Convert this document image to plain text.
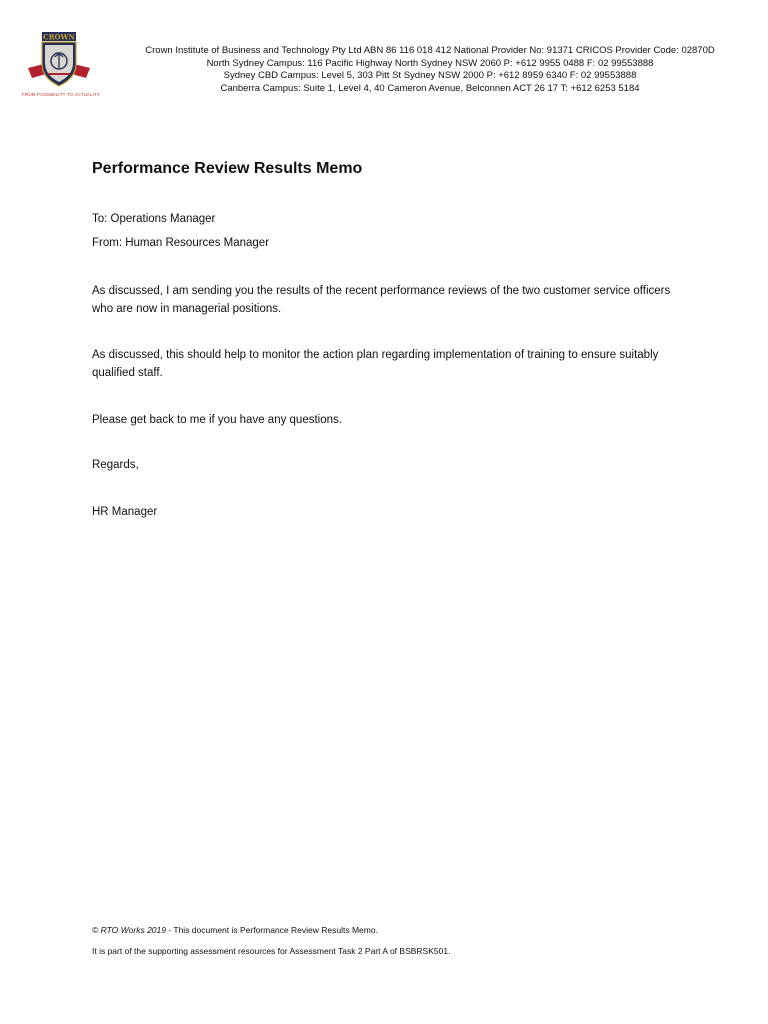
CROWN
FROM POSSIBILITY TO ACTUALITY
Crown Institute of Business and Technology Pty Ltd ABN 86 116 018 412 National Provider No: 91371 CRICOS Provider Code: 02870D
North Sydney Campus: 116 Pacific Highway North Sydney NSW 2060 P: +612 9955 0488 F: 02 99553888
Sydney CBD Campus: Level 5, 303 Pitt St Sydney NSW 2000 P: +612 8959 6340 F: 02 99553888
Canberra Campus: Suite 1, Level 4, 40 Cameron Avenue, Belconnen ACT 26 17 T: +612 6253 5184
Performance Review Results Memo
To: Operations Manager
From: Human Resources Manager
As discussed, I am sending you the results of the recent performance reviews of the two customer service officers who are now in managerial positions.
As discussed, this should help to monitor the action plan regarding implementation of training to ensure suitably qualified staff.
Please get back to me if you have any questions.
Regards,
HR Manager
© RTO Works 2019 - This document is Performance Review Results Memo.
It is part of the supporting assessment resources for Assessment Task 2 Part A of BSBRSK501.
